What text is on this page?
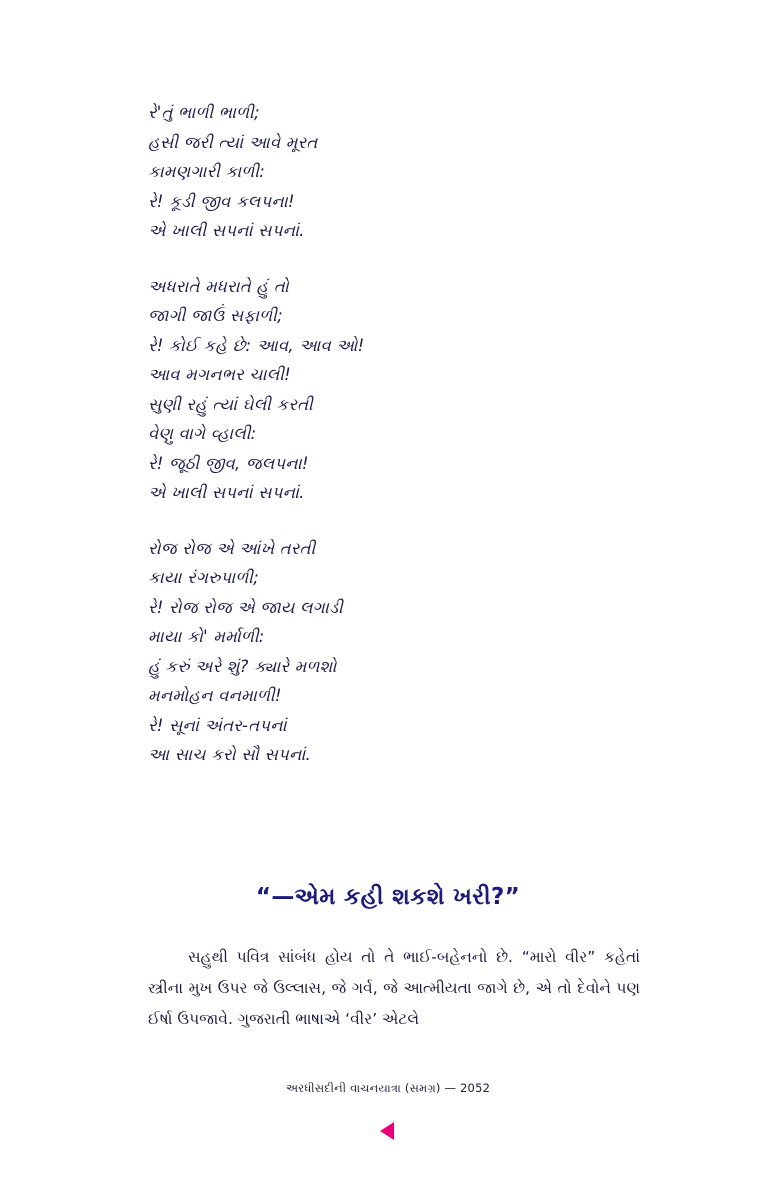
રે'તું ભાળી ભાળી;
હસી જરી ત્યાં આવે મૂરત
કામણગારી કાળી:
રે! કૂડી જીવ કલપના!
એ ખાલી સપનાં સપનાં.
અધરાતે મધરાતે હું તો
જાગી જાઉં સફાળી;
રે! કોઈ કહે છે: આવ, આવ ઓ!
આવ મગનભર ચાલી!
સુણી રહું ત્યાં ઘેલી કરતી
વેણુ વાગે વ્હાલી:
રે! જૂઠી જીવ, જલપના!
એ ખાલી સપનાં સપનાં.
રોજ રોજ એ આંખે તરતી
કાયા રંગરુપાળી;
રે! રોજ રોજ એ જાય લગાડી
માયા કો' મર્માળી:
હું કરું અરે શું? ક્યારે મળશો
મનમોહન વનમાળી!
રે! સૂનાં અંતર-તપનાં
આ સાચ કરો સૌ સપનાં.
“—એમ કહી શકશે ખરી?”
સહુથી પવિત્ર સાંબંધ હોય તો તે ભાઈ-બહેનનો છે. “મારો વીર” કહેતાં સ્ત્રીના મુખ ઉપર જે ઉલ્લાસ, જે ગર્વ, જે આત્મીયતા જાગે છે, એ તો દેવોને પણ ઈર્ષા ઉપજાવે. ગુજરાતી ભાષાએ ‘વીર’ એટલે
અરધીસદીની વાચનયાત્રા (સમગ્ર) — 2052
